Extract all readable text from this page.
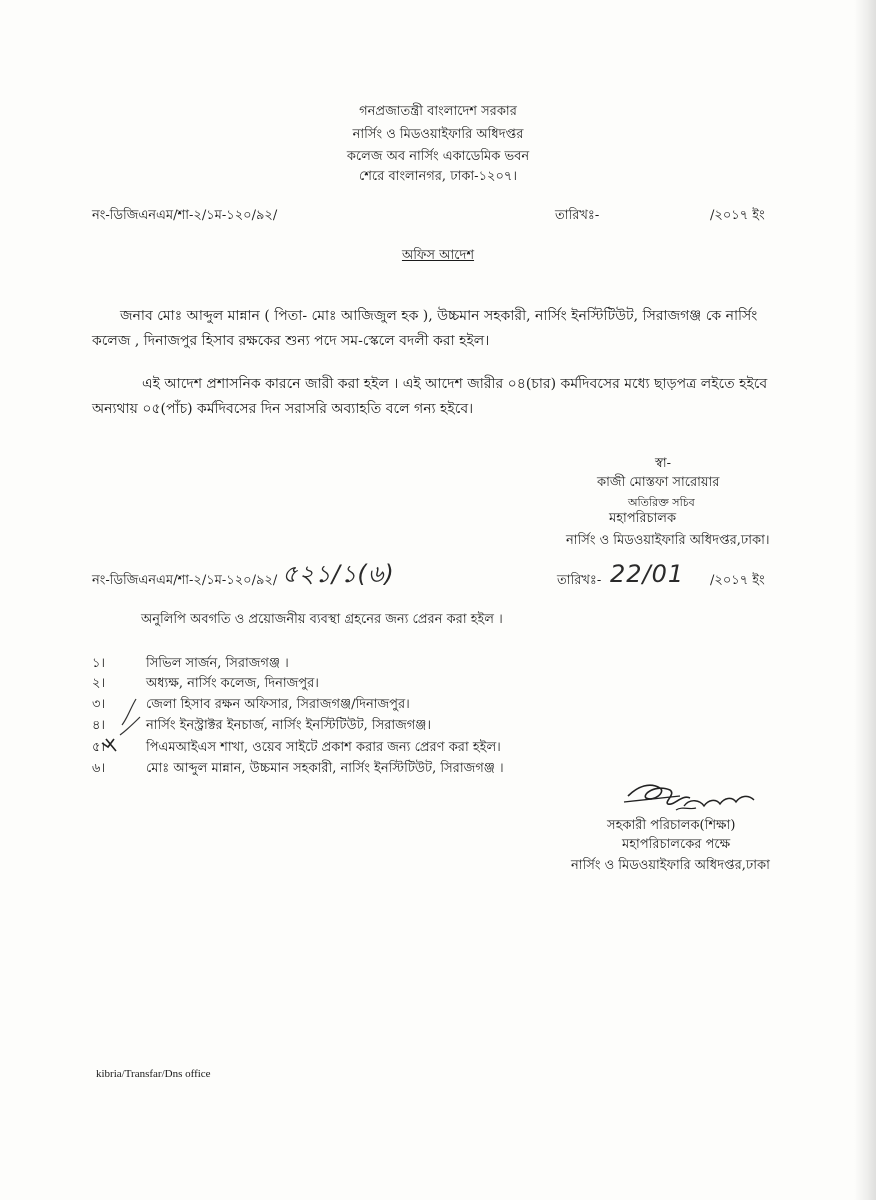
গনপ্রজাতন্ত্রী বাংলাদেশ সরকার
নার্সিং ও মিডওয়াইফারি অধিদপ্তর
কলেজ অব নার্সিং একাডেমিক ভবন
শেরে বাংলানগর, ঢাকা-১২০৭।
নং-ডিজিএনএম/শা-২/১ম-১২০/৯২/	তারিখঃ-	/২০১৭ ইং
অফিস আদেশ
জনাব মোঃ আব্দুল মান্নান ( পিতা- মোঃ আজিজুল হক ), উচ্চমান সহকারী, নার্সিং ইনস্টিটিউট, সিরাজগঞ্জ কে নার্সিং কলেজ , দিনাজপুর হিসাব রক্ষকের শুন্য পদে সম-স্কেলে বদলী করা হইল।
এই আদেশ প্রশাসনিক কারনে জারী করা হইল । এই আদেশ জারীর ০৪(চার) কর্মদিবসের মধ্যে ছাড়পত্র লইতে হইবে অন্যথায় ০৫(পাঁচ) কর্মদিবসের দিন সরাসরি অব্যাহতি বলে গন্য হইবে।
স্বা-
কাজী মোস্তফা সারোয়ার
অতিরিক্ত সচিব
মহাপরিচালক
নার্সিং ও মিডওয়াইফারি অধিদপ্তর,ঢাকা।
নং-ডিজিএনএম/শা-২/১ম-১২০/৯২/ ৫২১/১(৬)	তারিখঃ- 22/01 /২০১৭ ইং
অনুলিপি অবগতি ও প্রয়োজনীয় ব্যবস্থা গ্রহনের জন্য প্রেরন করা হইল ।
১।	সিভিল সার্জন, সিরাজগঞ্জ ।
২।	অধ্যক্ষ, নার্সিং কলেজ, দিনাজপুর।
৩।	জেলা হিসাব রক্ষন অফিসার, সিরাজগঞ্জ/দিনাজপুর।
৪।	নার্সিং ইনস্ট্রাক্টর ইনচার্জ, নার্সিং ইনস্টিটিউট, সিরাজগঞ্জ।
৫।	পিএমআইএস শাখা, ওয়েব সাইটে প্রকাশ করার জন্য প্রেরণ করা হইল।
৬।	মোঃ আব্দুল মান্নান, উচ্চমান সহকারী, নার্সিং ইনস্টিটিউট, সিরাজগঞ্জ ।
সহকারী পরিচালক(শিক্ষা)
মহাপরিচালকের পক্ষে
নার্সিং ও মিডওয়াইফারি অধিদপ্তর,ঢাকা
kibria/Transfar/Dns office
